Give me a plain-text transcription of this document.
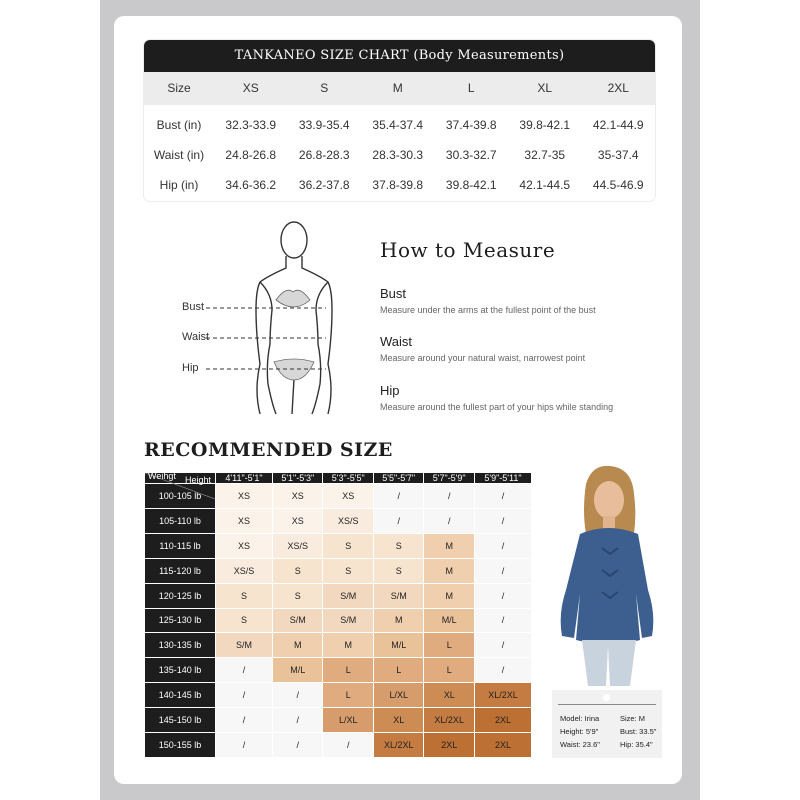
TANKANEO SIZE CHART (Body Measurements)
Size	XS	S	M	L	XL	2XL
Bust (in)	32.3-33.9	33.9-35.4	35.4-37.4	37.4-39.8	39.8-42.1	42.1-44.9
Waist (in)	24.8-26.8	26.8-28.3	28.3-30.3	30.3-32.7	32.7-35	35-37.4
Hip (in)	34.6-36.2	36.2-37.8	37.8-39.8	39.8-42.1	42.1-44.5	44.5-46.9
Bust
Waist
Hip
How to Measure
Bust
Measure under the arms at the fullest point of the bust
Waist
Measure around your natural waist, narrowest point
Hip
Measure around the fullest part of your hips while standing
RECOMMENDED SIZE
Height
Weihgt	4'11"-5'1"	5'1"-5'3"	5'3"-5'5"	5'5"-5'7"	5'7"-5'9"	5'9"-5'11"
100-105 lb	XS	XS	XS	/	/	/
105-110 lb	XS	XS	XS/S	/	/	/
110-115 lb	XS	XS/S	S	S	M	/
115-120 lb	XS/S	S	S	S	M	/
120-125 lb	S	S	S/M	S/M	M	/
125-130 lb	S	S/M	S/M	M	M/L	/
130-135 lb	S/M	M	M	M/L	L	/
135-140 lb	/	M/L	L	L	L	/
140-145 lb	/	/	L	L/XL	XL	XL/2XL
145-150 lb	/	/	L/XL	XL	XL/2XL	2XL
150-155 lb	/	/	/	XL/2XL	2XL	2XL
Model: Irina	Size: M
Height: 5'9"	Bust: 33.5"
Waist: 23.6"	Hip: 35.4"
